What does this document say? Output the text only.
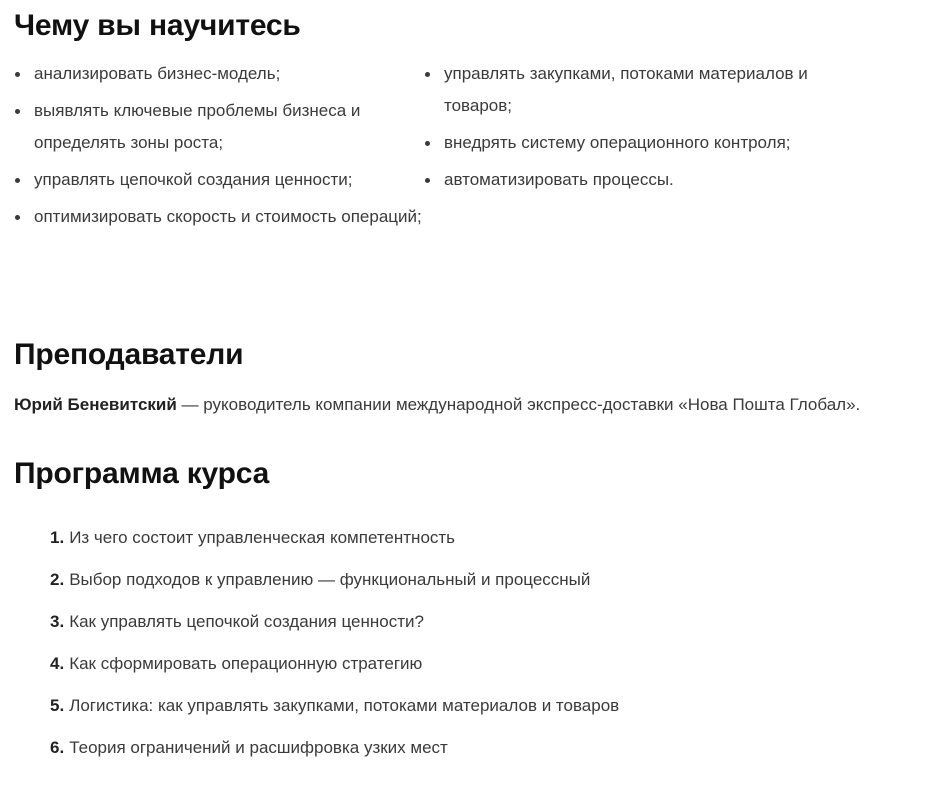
Чему вы научитесь
анализировать бизнес-модель;
выявлять ключевые проблемы бизнеса и определять зоны роста;
управлять цепочкой создания ценности;
оптимизировать скорость и стоимость операций;
управлять закупками, потоками материалов и товаров;
внедрять систему операционного контроля;
автоматизировать процессы.
Преподаватели
Юрий Беневитский — руководитель компании международной экспресс-доставки «Нова Пошта Глобал».
Программа курса
1. Из чего состоит управленческая компетентность
2. Выбор подходов к управлению — функциональный и процессный
3. Как управлять цепочкой создания ценности?
4. Как сформировать операционную стратегию
5. Логистика: как управлять закупками, потоками материалов и товаров
6. Теория ограничений и расшифровка узких мест
